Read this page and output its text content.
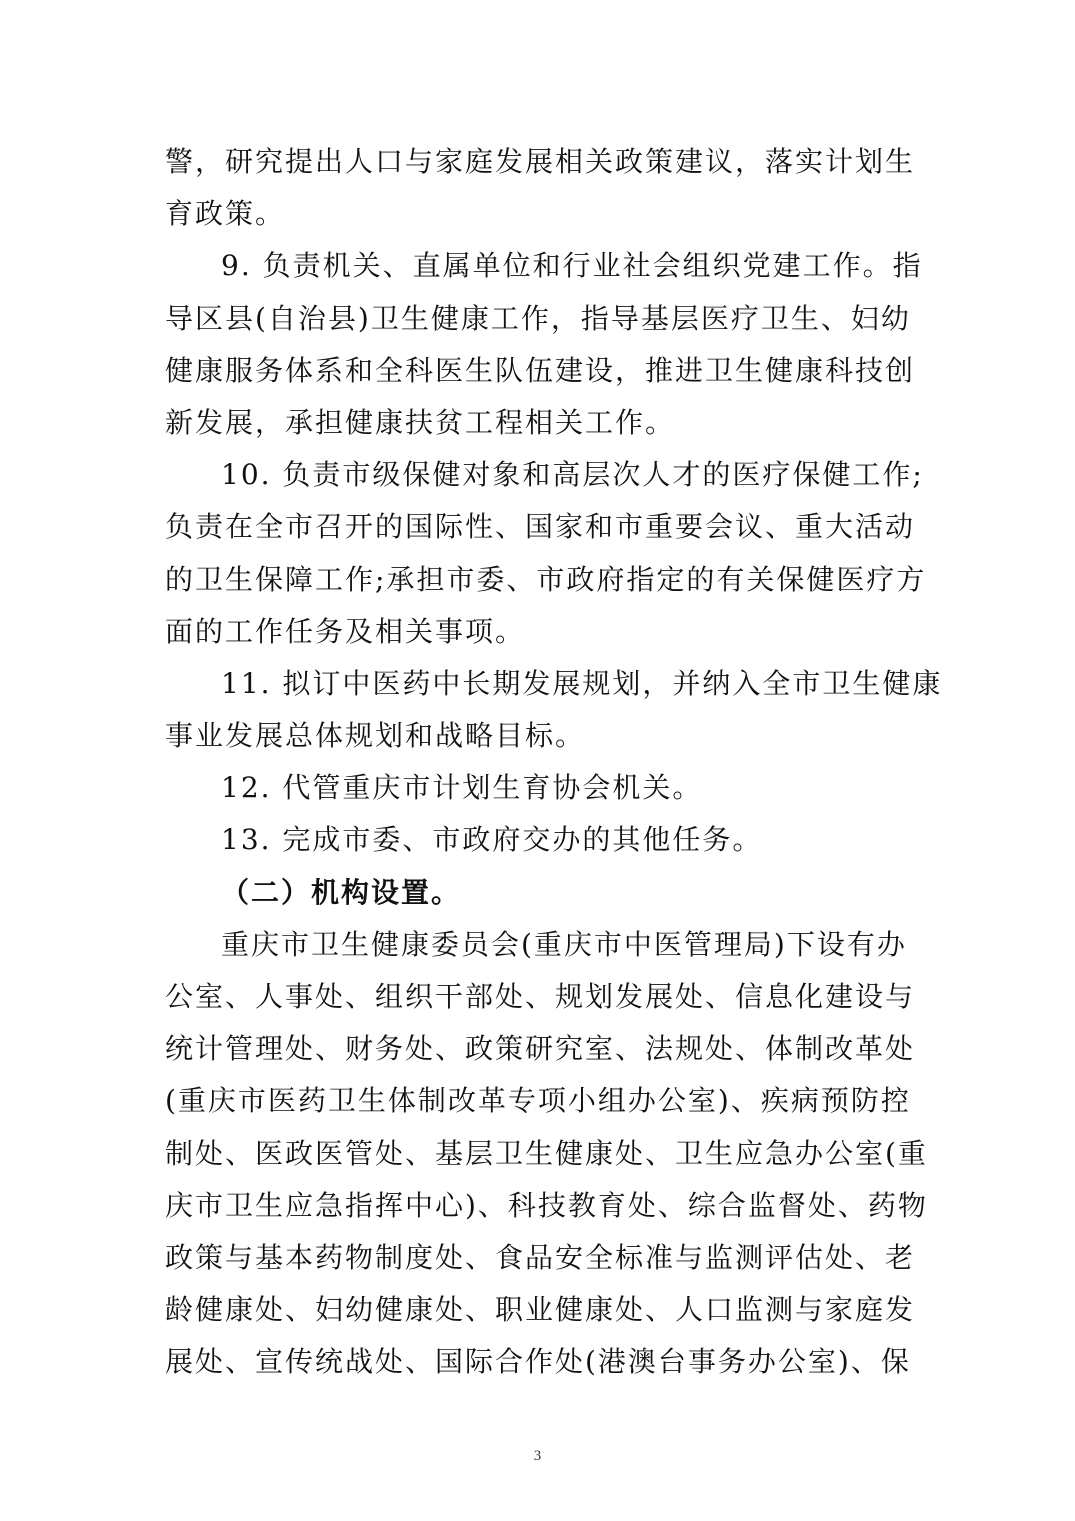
警，研究提出人口与家庭发展相关政策建议，落实计划生
育政策。
9. 负责机关、直属单位和行业社会组织党建工作。指
导区县(自治县)卫生健康工作，指导基层医疗卫生、妇幼
健康服务体系和全科医生队伍建设，推进卫生健康科技创
新发展，承担健康扶贫工程相关工作。
10. 负责市级保健对象和高层次人才的医疗保健工作;
负责在全市召开的国际性、国家和市重要会议、重大活动
的卫生保障工作;承担市委、市政府指定的有关保健医疗方
面的工作任务及相关事项。
11. 拟订中医药中长期发展规划，并纳入全市卫生健康
事业发展总体规划和战略目标。
12. 代管重庆市计划生育协会机关。
13. 完成市委、市政府交办的其他任务。
（二）机构设置。
重庆市卫生健康委员会(重庆市中医管理局)下设有办
公室、人事处、组织干部处、规划发展处、信息化建设与
统计管理处、财务处、政策研究室、法规处、体制改革处
(重庆市医药卫生体制改革专项小组办公室)、疾病预防控
制处、医政医管处、基层卫生健康处、卫生应急办公室(重
庆市卫生应急指挥中心)、科技教育处、综合监督处、药物
政策与基本药物制度处、食品安全标准与监测评估处、老
龄健康处、妇幼健康处、职业健康处、人口监测与家庭发
展处、宣传统战处、国际合作处(港澳台事务办公室)、保
3
